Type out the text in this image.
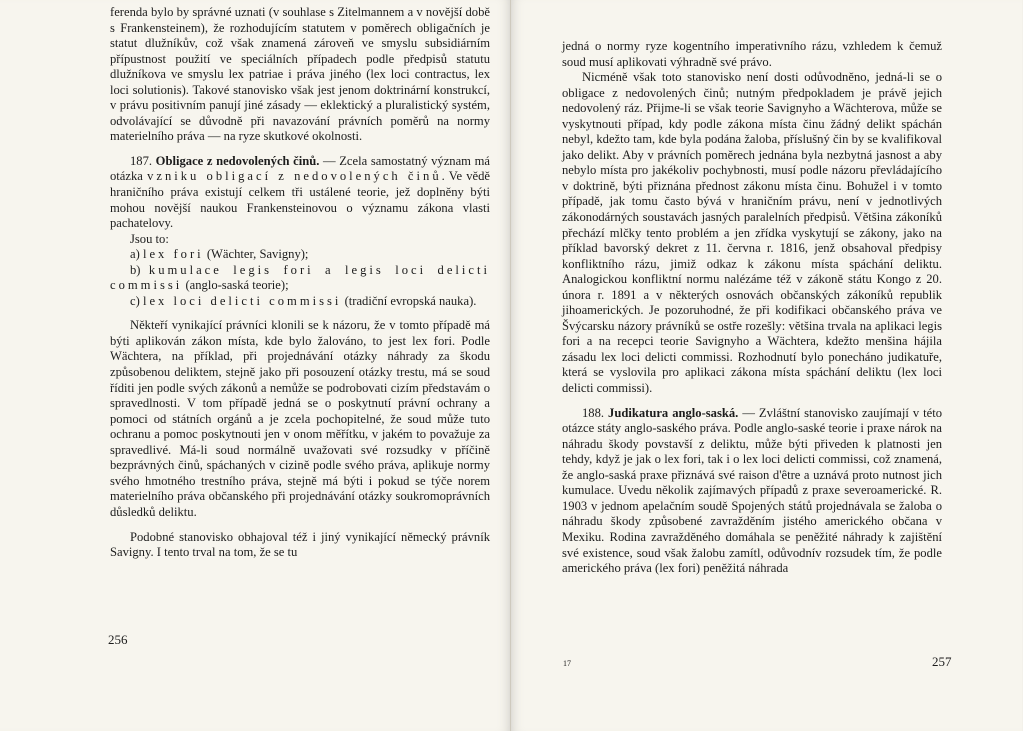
ferenda bylo by správné uznati (v souhlase s Zitelmannem a v novější době s Frankensteinem), že rozhodujícím statutem v poměrech obligačních je statut dlužníkův, což však znamená zároveň ve smyslu subsidiárním přípustnost použití ve speciálních případech podle předpisů statutu dlužníkova ve smyslu lex patriae i práva jiného (lex loci contractus, lex loci solutionis). Takové stanovisko však jest jenom doktrinární konstrukcí, v právu positivním panují jiné zásady — eklektický a pluralistický systém, odvolávající se důvodně při navazování právních poměrů na normy materielního práva — na ryze skutkové okolnosti.

187. Obligace z nedovolených činů. — Zcela samostatný význam má otázka vzniku obligací z nedovolených činů. Ve vědě hraničního práva existují celkem tři ustálené teorie, jež doplněny býti mohou novější naukou Frankensteinovou o významu zákona vlasti pachatelovy.

Jsou to:

a) lex fori (Wächter, Savigny);

b) kumulace legis fori a legis loci delicti commissi (anglo-saská teorie);

c) lex loci delicti commissi (tradiční evropská nauka).

Někteří vynikající právníci klonili se k názoru, že v tomto případě má býti aplikován zákon místa, kde bylo žalováno, to jest lex fori. Podle Wächtera, na příklad, při projednávání otázky náhrady za škodu způsobenou deliktem, stejně jako při posouzení otázky trestu, má se soud říditi jen podle svých zákonů a nemůže se podrobovati cizím představám o spravedlnosti. V tom případě jedná se o poskytnutí právní ochrany a pomoci od státních orgánů a je zcela pochopitelné, že soud může tuto ochranu a pomoc poskytnouti jen v onom měřítku, v jakém to považuje za spravedlivé. Má-li soud normálně uvažovati své rozsudky v příčině bezprávných činů, spáchaných v cizině podle svého práva, aplikuje normy svého hmotného trestního práva, stejně má býti i pokud se týče norem materielního práva občanského při projednávání otázky soukromoprávních důsledků deliktu.

Podobné stanovisko obhajoval též i jiný vynikající německý právník Savigny. I tento trval na tom, že se tu

256

jedná o normy ryze kogentního imperativního rázu, vzhledem k čemuž soud musí aplikovati výhradně své právo.

Nicméně však toto stanovisko není dosti odůvodněno, jedná-li se o obligace z nedovolených činů; nutným předpokladem je právě jejich nedovolený ráz. Přijme-li se však teorie Savignyho a Wächterova, může se vyskytnouti případ, kdy podle zákona místa činu žádný delikt spáchán nebyl, kdežto tam, kde byla podána žaloba, příslušný čin by se kvalifikoval jako delikt. Aby v právních poměrech jednána byla nezbytná jasnost a aby nebylo místa pro jakékoliv pochybnosti, musí podle názoru převládajícího v doktrině, býti přiznána přednost zákonu místa činu. Bohužel i v tomto případě, jak tomu často bývá v hraničním právu, není v jednotlivých zákonodárných soustavách jasných paralelních předpisů. Většina zákoníků přechází mlčky tento problém a jen zřídka vyskytují se zákony, jako na příklad bavorský dekret z 11. června r. 1816, jenž obsahoval předpisy konfliktního rázu, jimiž odkaz k zákonu místa spáchání deliktu. Analogickou konfliktní normu nalézáme též v zákoně státu Kongo z 20. února r. 1891 a v některých osnovách občanských zákoníků republik jihoamerických. Je pozoruhodné, že při kodifikaci občanského práva ve Švýcarsku názory právníků se ostře rozešly: většina trvala na aplikaci legis fori a na recepci teorie Savignyho a Wächtera, kdežto menšina hájila zásadu lex loci delicti commissi. Rozhodnutí bylo ponecháno judikatuře, která se vyslovila pro aplikaci zákona místa spáchání deliktu (lex loci delicti commissi).

188. Judikatura anglo-saská. — Zvláštní stanovisko zaujímají v této otázce státy anglo-saského práva. Podle anglo-saské teorie i praxe nárok na náhradu škody povstavší z deliktu, může býti přiveden k platnosti jen tehdy, když je jak o lex fori, tak i o lex loci delicti commissi, což znamená, že anglo-saská praxe přiznává své raison d'être a uznává proto nutnost jich kumulace. Uvedu několik zajímavých případů z praxe severoamerické. R. 1903 v jednom apelačním soudě Spojených států projednávala se žaloba o náhradu škody způsobené zavražděním jistého amerického občana v Mexiku. Rodina zavražděného domáhala se peněžité náhrady k zajištění své existence, soud však žalobu zamítl, odůvodnív rozsudek tím, že podle amerického práva (lex fori) peněžitá náhrada

17	257
